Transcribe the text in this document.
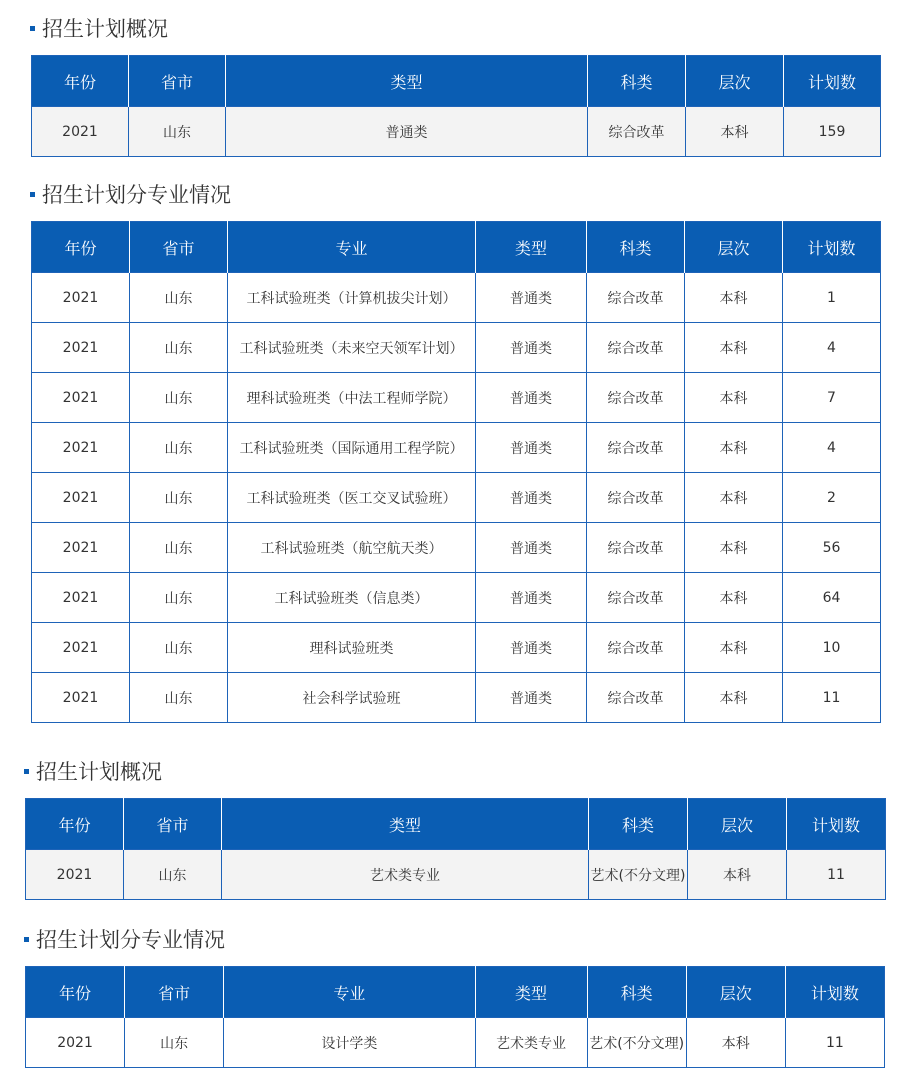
招生计划概况
年份	省市	类型	科类	层次	计划数
2021	山东	普通类	综合改革	本科	159
招生计划分专业情况
年份	省市	专业	类型	科类	层次	计划数
2021	山东	工科试验班类（计算机拔尖计划）	普通类	综合改革	本科	1
2021	山东	工科试验班类（未来空天领军计划）	普通类	综合改革	本科	4
2021	山东	理科试验班类（中法工程师学院）	普通类	综合改革	本科	7
2021	山东	工科试验班类（国际通用工程学院）	普通类	综合改革	本科	4
2021	山东	工科试验班类（医工交叉试验班）	普通类	综合改革	本科	2
2021	山东	工科试验班类（航空航天类）	普通类	综合改革	本科	56
2021	山东	工科试验班类（信息类）	普通类	综合改革	本科	64
2021	山东	理科试验班类	普通类	综合改革	本科	10
2021	山东	社会科学试验班	普通类	综合改革	本科	11
招生计划概况
年份	省市	类型	科类	层次	计划数
2021	山东	艺术类专业	艺术(不分文理)	本科	11
招生计划分专业情况
年份	省市	专业	类型	科类	层次	计划数
2021	山东	设计学类	艺术类专业	艺术(不分文理)	本科	11
